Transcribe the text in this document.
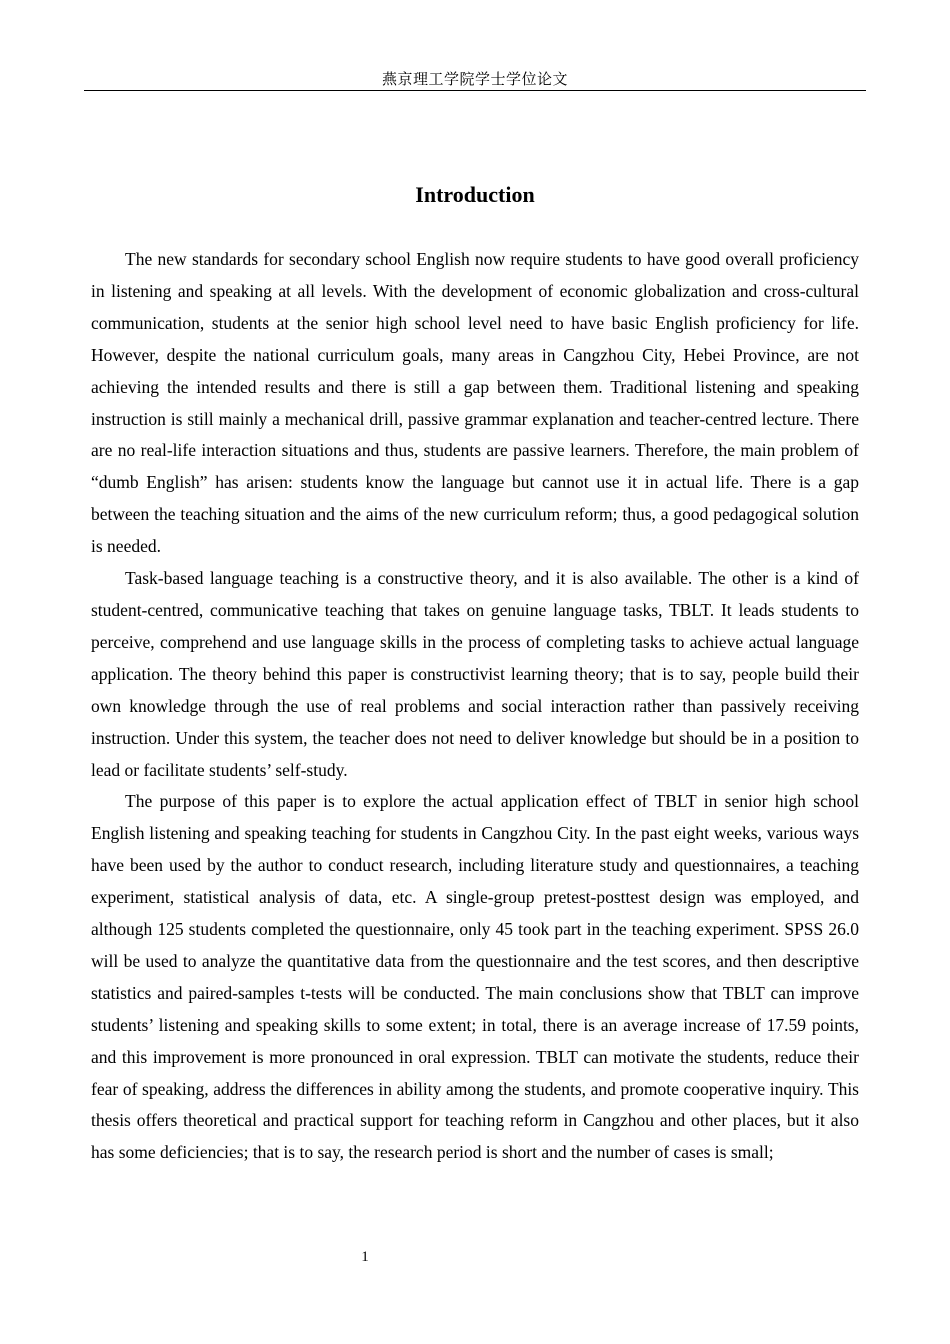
燕京理工学院学士学位论文
Introduction

The new standards for secondary school English now require students to have good overall proficiency in listening and speaking at all levels. With the development of economic globalization and cross-cultural communication, students at the senior high school level need to have basic English proficiency for life. However, despite the national curriculum goals, many areas in Cangzhou City, Hebei Province, are not achieving the intended results and there is still a gap between them. Traditional listening and speaking instruction is still mainly a mechanical drill, passive grammar explanation and teacher-centred lecture. There are no real-life interaction situations and thus, students are passive learners. Therefore, the main problem of “dumb English” has arisen: students know the language but cannot use it in actual life. There is a gap between the teaching situation and the aims of the new curriculum reform; thus, a good pedagogical solution is needed.

Task-based language teaching is a constructive theory, and it is also available. The other is a kind of student-centred, communicative teaching that takes on genuine language tasks, TBLT. It leads students to perceive, comprehend and use language skills in the process of completing tasks to achieve actual language application. The theory behind this paper is constructivist learning theory; that is to say, people build their own knowledge through the use of real problems and social interaction rather than passively receiving instruction. Under this system, the teacher does not need to deliver knowledge but should be in a position to lead or facilitate students’ self-study.

The purpose of this paper is to explore the actual application effect of TBLT in senior high school English listening and speaking teaching for students in Cangzhou City. In the past eight weeks, various ways have been used by the author to conduct research, including literature study and questionnaires, a teaching experiment, statistical analysis of data, etc. A single-group pretest-posttest design was employed, and although 125 students completed the questionnaire, only 45 took part in the teaching experiment. SPSS 26.0 will be used to analyze the quantitative data from the questionnaire and the test scores, and then descriptive statistics and paired-samples t-tests will be conducted. The main conclusions show that TBLT can improve students’ listening and speaking skills to some extent; in total, there is an average increase of 17.59 points, and this improvement is more pronounced in oral expression. TBLT can motivate the students, reduce their fear of speaking, address the differences in ability among the students, and promote cooperative inquiry. This thesis offers theoretical and practical support for teaching reform in Cangzhou and other places, but it also has some deficiencies; that is to say, the research period is short and the number of cases is small;

1
